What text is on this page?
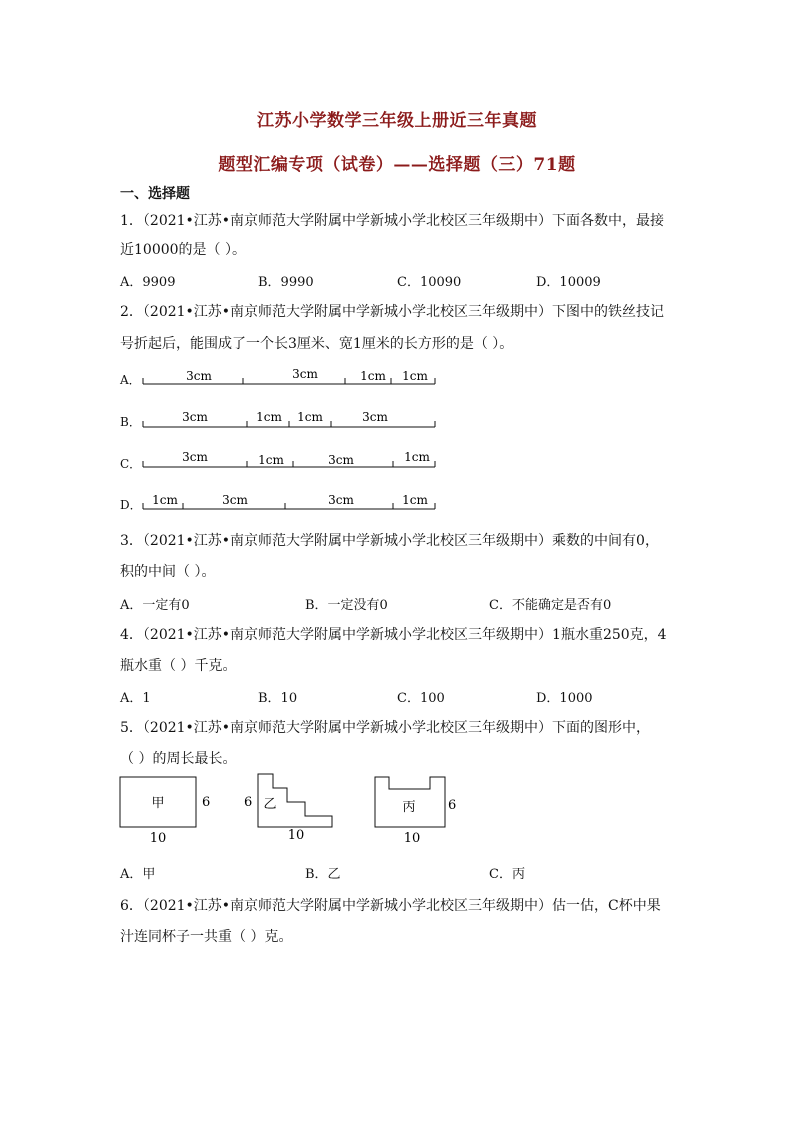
江苏小学数学三年级上册近三年真题
题型汇编专项（试卷）——选择题（三）71题
一、选择题
1．（2021•江苏•南京师范大学附属中学新城小学北校区三年级期中）下面各数中，最接
近10000的是（ ）。
A．9909	B．9990	C．10090	D．10009
2．（2021•江苏•南京师范大学附属中学新城小学北校区三年级期中）下图中的铁丝技记
号折起后，能围成了一个长3厘米、宽1厘米的长方形的是（ ）。
A．	3cm	3cm	1cm 1cm
B．	3cm	1cm 1cm	3cm
C．	3cm	1cm	3cm	1cm
D． 1cm	3cm	3cm	1cm
3．（2021•江苏•南京师范大学附属中学新城小学北校区三年级期中）乘数的中间有0，
积的中间（ ）。
A．一定有0	B．一定没有0	C．不能确定是否有0
4．（2021•江苏•南京师范大学附属中学新城小学北校区三年级期中）1瓶水重250克，4
瓶水重（ ）千克。
A．1	B．10	C．100	D．1000
5．（2021•江苏•南京师范大学附属中学新城小学北校区三年级期中）下面的图形中，
（ ）的周长最长。
甲	6
10
乙
6
10
丙 6
10
A．甲	B．乙	C．丙
6．（2021•江苏•南京师范大学附属中学新城小学北校区三年级期中）估一估，C杯中果
汁连同杯子一共重（ ）克。
